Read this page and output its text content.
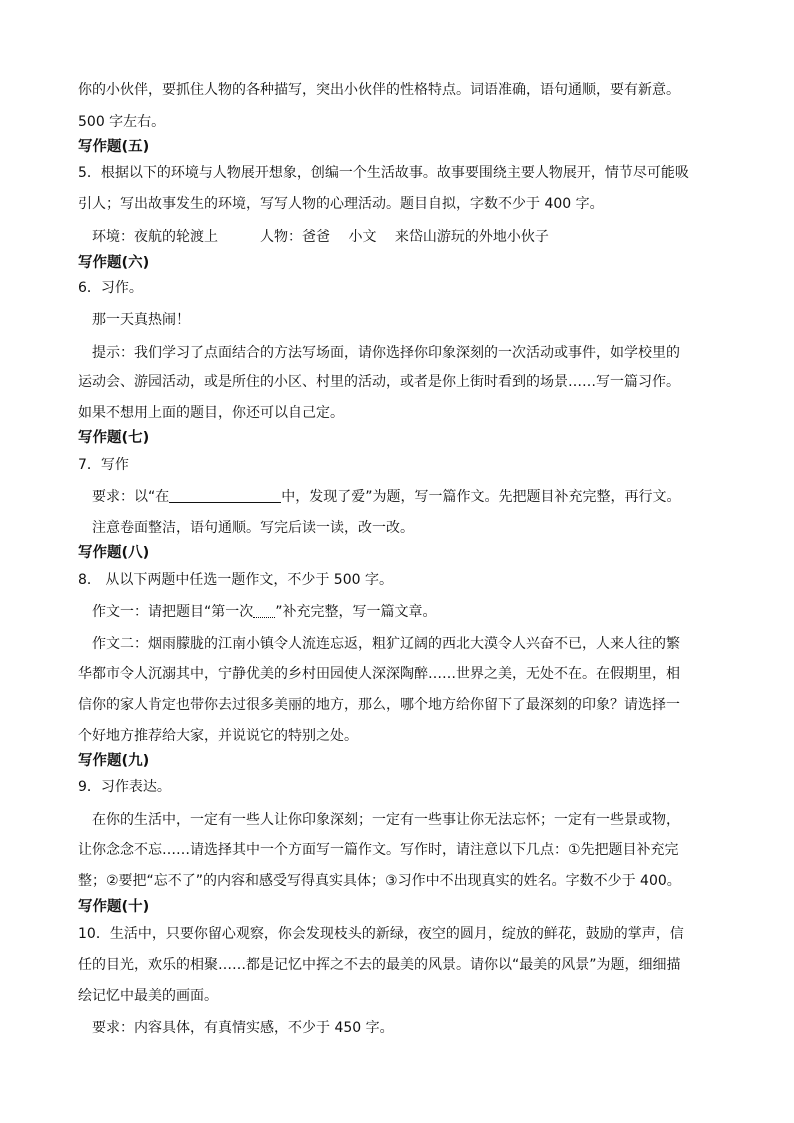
你的小伙伴，要抓住人物的各种描写，突出小伙伴的性格特点。词语准确，语句通顺，要有新意。
500 字左右。
写作题(五)
5．根据以下的环境与人物展开想象，创编一个生活故事。故事要围绕主要人物展开，情节尽可能吸
引人；写出故事发生的环境，写写人物的心理活动。题目自拟，字数不少于 400 字。
环境：夜航的轮渡上　　　人物：爸爸　 小文　 来岱山游玩的外地小伙子
写作题(六)
6．习作。
那一天真热闹！
提示：我们学习了点面结合的方法写场面，请你选择你印象深刻的一次活动或事件，如学校里的
运动会、游园活动，或是所住的小区、村里的活动，或者是你上街时看到的场景……写一篇习作。
如果不想用上面的题目，你还可以自己定。
写作题(七)
7．写作
要求：以“在	中，发现了爱”为题，写一篇作文。先把题目补充完整，再行文。
注意卷面整洁，语句通顺。写完后读一读，改一改。
写作题(八)
8． 从以下两题中任选一题作文，不少于 500 字。
作文一：请把题目“第一次 ”补充完整，写一篇文章。
作文二：烟雨朦胧的江南小镇令人流连忘返，粗犷辽阔的西北大漠令人兴奋不已，人来人往的繁
华都市令人沉溺其中，宁静优美的乡村田园使人深深陶醉……世界之美，无处不在。在假期里，相
信你的家人肯定也带你去过很多美丽的地方，那么，哪个地方给你留下了最深刻的印象？请选择一
个好地方推荐给大家，并说说它的特别之处。
写作题(九)
9．习作表达。
在你的生活中，一定有一些人让你印象深刻；一定有一些事让你无法忘怀；一定有一些景或物，
让你念念不忘……请选择其中一个方面写一篇作文。写作时，请注意以下几点：①先把题目补充完
整；②要把“忘不了”的内容和感受写得真实具体；③习作中不出现真实的姓名。字数不少于 400。
写作题(十)
10．生活中，只要你留心观察，你会发现枝头的新绿，夜空的圆月，绽放的鲜花，鼓励的掌声，信
任的目光，欢乐的相聚……都是记忆中挥之不去的最美的风景。请你以“最美的风景”为题，细细描
绘记忆中最美的画面。
要求：内容具体，有真情实感，不少于 450 字。
